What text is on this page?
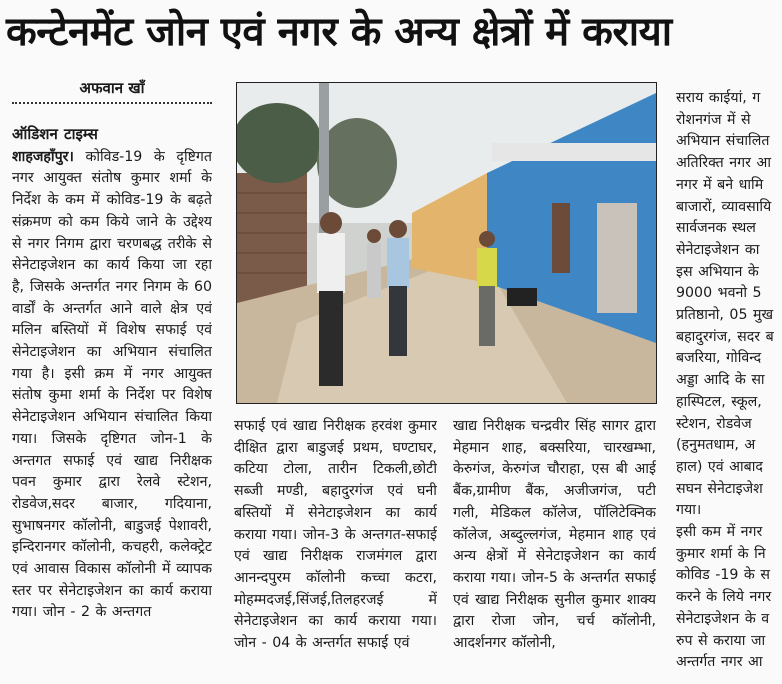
कन्टेनमेंट जोन एवं नगर के अन्य क्षेत्रों में कराया
अफवान खाँ

ऑडिशन टाइम्स

शाहजहाँपुर। कोविड-19 के दृष्टिगत नगर आयुक्त संतोष कुमार शर्मा के निर्देश के कम में कोविड-19 के बढ़ते संक्रमण को कम किये जाने के उद्देश्य से नगर निगम द्वारा चरणबद्ध तरीके से सेनेटाइजेशन का कार्य किया जा रहा है, जिसके अन्तर्गत नगर निगम के 60 वार्डों के अन्तर्गत आने वाले क्षेत्र एवं मलिन बस्तियों में विशेष सफाई एवं सेनेटाइजेशन का अभियान संचालित गया है। इसी क्रम में नगर आयुक्त संतोष कुमा शर्मा के निर्देश पर विशेष सेनेटाइजेशन अभियान संचालित किया गया। जिसके दृष्टिगत जोन-1 के अन्तगत सफाई एवं खाद्य निरीक्षक पवन कुमार द्वारा रेलवे स्टेशन, रोडवेज,सदर बाजार, गदियाना, सुभाषनगर कॉलोनी, बाडुजई पेशावरी, इन्दिरानगर कॉलोनी, कचहरी, कलेक्ट्रेट एवं आवास विकास कॉलोनी में व्यापक स्तर पर सेनेटाइजेशन का कार्य कराया गया। जोन - 2 के अन्तगत

सफाई एवं खाद्य निरीक्षक हरवंश कुमार दीक्षित द्वारा बाडुजई प्रथम, घण्टाघर, कटिया टोला, तारीन टिकली,छोटी सब्जी मण्डी, बहादुरगंज एवं घनी बस्तियों में सेनेटाइजेशन का कार्य कराया गया। जोन-3 के अन्तगत-सफाई एवं खाद्य निरीक्षक राजमंगल द्वारा आनन्दपुरम कॉलोनी कच्चा कटरा, मोहम्मदजई,सिंजई,तिलहरजई में सेनेटाइजेशन का कार्य कराया गया। जोन - 04 के अन्तर्गत सफाई एवं

खाद्य निरीक्षक चन्द्रवीर सिंह सागर द्वारा मेहमान शाह, बक्सरिया, चारखम्भा, केरुगंज, केरुगंज चौराहा, एस बी आई बैंक,ग्रामीण बैंक, अजीजगंज, पटी गली, मेडिकल कॉलेज, पॉलिटेक्निक कॉलेज, अब्दुल्लगंज, मेहमान शाह एवं अन्य क्षेत्रों में सेनेटाइजेशन का कार्य कराया गया। जोन-5 के अन्तर्गत सफाई एवं खाद्य निरीक्षक सुनील कुमार शाक्य द्वारा रोजा जोन, चर्च कॉलोनी, आदर्शनगर कॉलोनी,

सराय काईयां, ग
रोशनगंज में से
अभियान संचालित
अतिरिक्त नगर आ
नगर में बने धामि
बाजारों, व्यावसायि
सार्वजनक स्थल
सेनेटाइजेशन का
इस अभियान के
9000 भवनो 5
प्रतिष्ठानो, 05 मुख
बहादुरगंज, सदर ब
बजरिया, गोविन्द
अड्डा आदि के सा
हास्पिटल, स्कूल,
स्टेशन, रोडवेज
(हनुमतधाम, अ
हाल) एवं आबाद
सघन सेनेटाइजेश
गया।
इसी कम में नगर
कुमार शर्मा के नि
कोविड -19 के स
करने के लिये नगर
सेनेटाइजेशन के व
रुप से कराया जा
अन्तर्गत नगर आ
